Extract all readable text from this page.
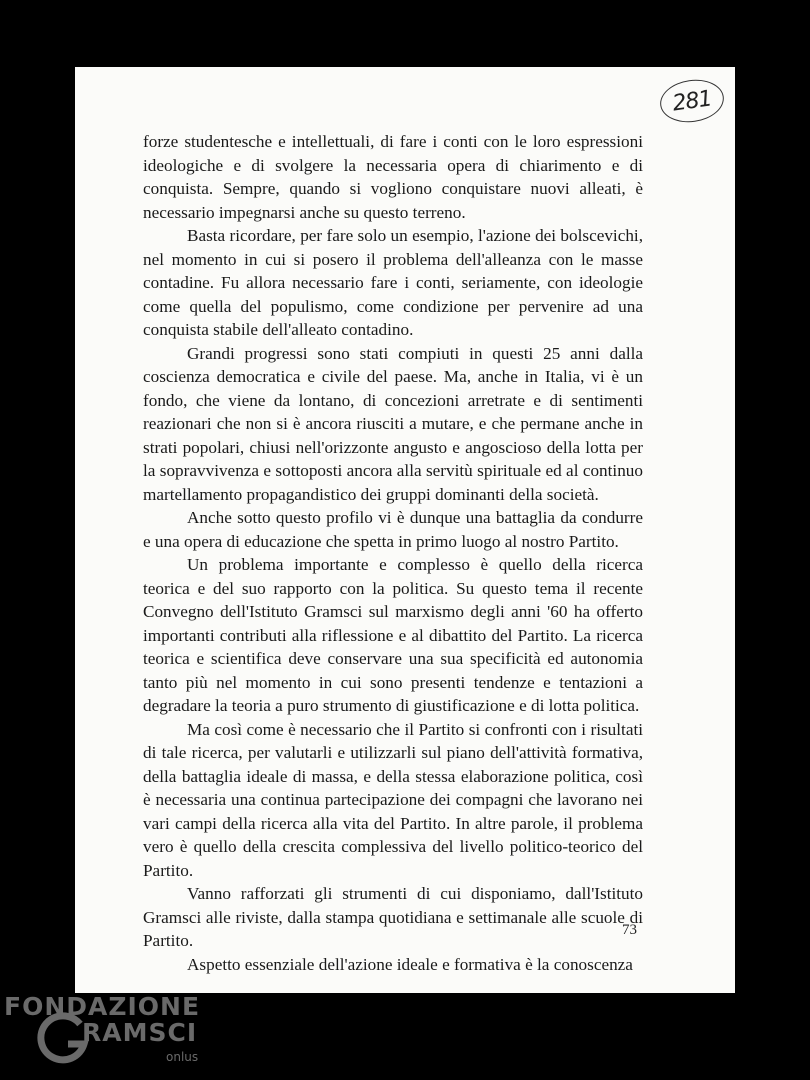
281

forze studentesche e intellettuali, di fare i conti con le loro espressioni ideologiche e di svolgere la necessaria opera di chiarimento e di conquista. Sempre, quando si vogliono conquistare nuovi alleati, è necessario impegnarsi anche su questo terreno.

Basta ricordare, per fare solo un esempio, l'azione dei bolscevichi, nel momento in cui si posero il problema dell'alleanza con le masse contadine. Fu allora necessario fare i conti, seriamente, con ideologie come quella del populismo, come condizione per pervenire ad una conquista stabile dell'alleato contadino.

Grandi progressi sono stati compiuti in questi 25 anni dalla coscienza democratica e civile del paese. Ma, anche in Italia, vi è un fondo, che viene da lontano, di concezioni arretrate e di sentimenti reazionari che non si è ancora riusciti a mutare, e che permane anche in strati popolari, chiusi nell'orizzonte angusto e angoscioso della lotta per la sopravvivenza e sottoposti ancora alla servitù spirituale ed al continuo martellamento propagandistico dei gruppi dominanti della società.

Anche sotto questo profilo vi è dunque una battaglia da condurre e una opera di educazione che spetta in primo luogo al nostro Partito.

Un problema importante e complesso è quello della ricerca teorica e del suo rapporto con la politica. Su questo tema il recente Convegno dell'Istituto Gramsci sul marxismo degli anni '60 ha offerto importanti contributi alla riflessione e al dibattito del Partito. La ricerca teorica e scientifica deve conservare una sua specificità ed autonomia tanto più nel momento in cui sono presenti tendenze e tentazioni a degradare la teoria a puro strumento di giustificazione e di lotta politica.

Ma così come è necessario che il Partito si confronti con i risultati di tale ricerca, per valutarli e utilizzarli sul piano dell'attività formativa, della battaglia ideale di massa, e della stessa elaborazione politica, così è necessaria una continua partecipazione dei compagni che lavorano nei vari campi della ricerca alla vita del Partito. In altre parole, il problema vero è quello della crescita complessiva del livello politico-teorico del Partito.

Vanno rafforzati gli strumenti di cui disponiamo, dall'Istituto Gramsci alle riviste, dalla stampa quotidiana e settimanale alle scuole di Partito.

Aspetto essenziale dell'azione ideale e formativa è la conoscenza

73
FONDAZIONE
RAMSCI
onlus
